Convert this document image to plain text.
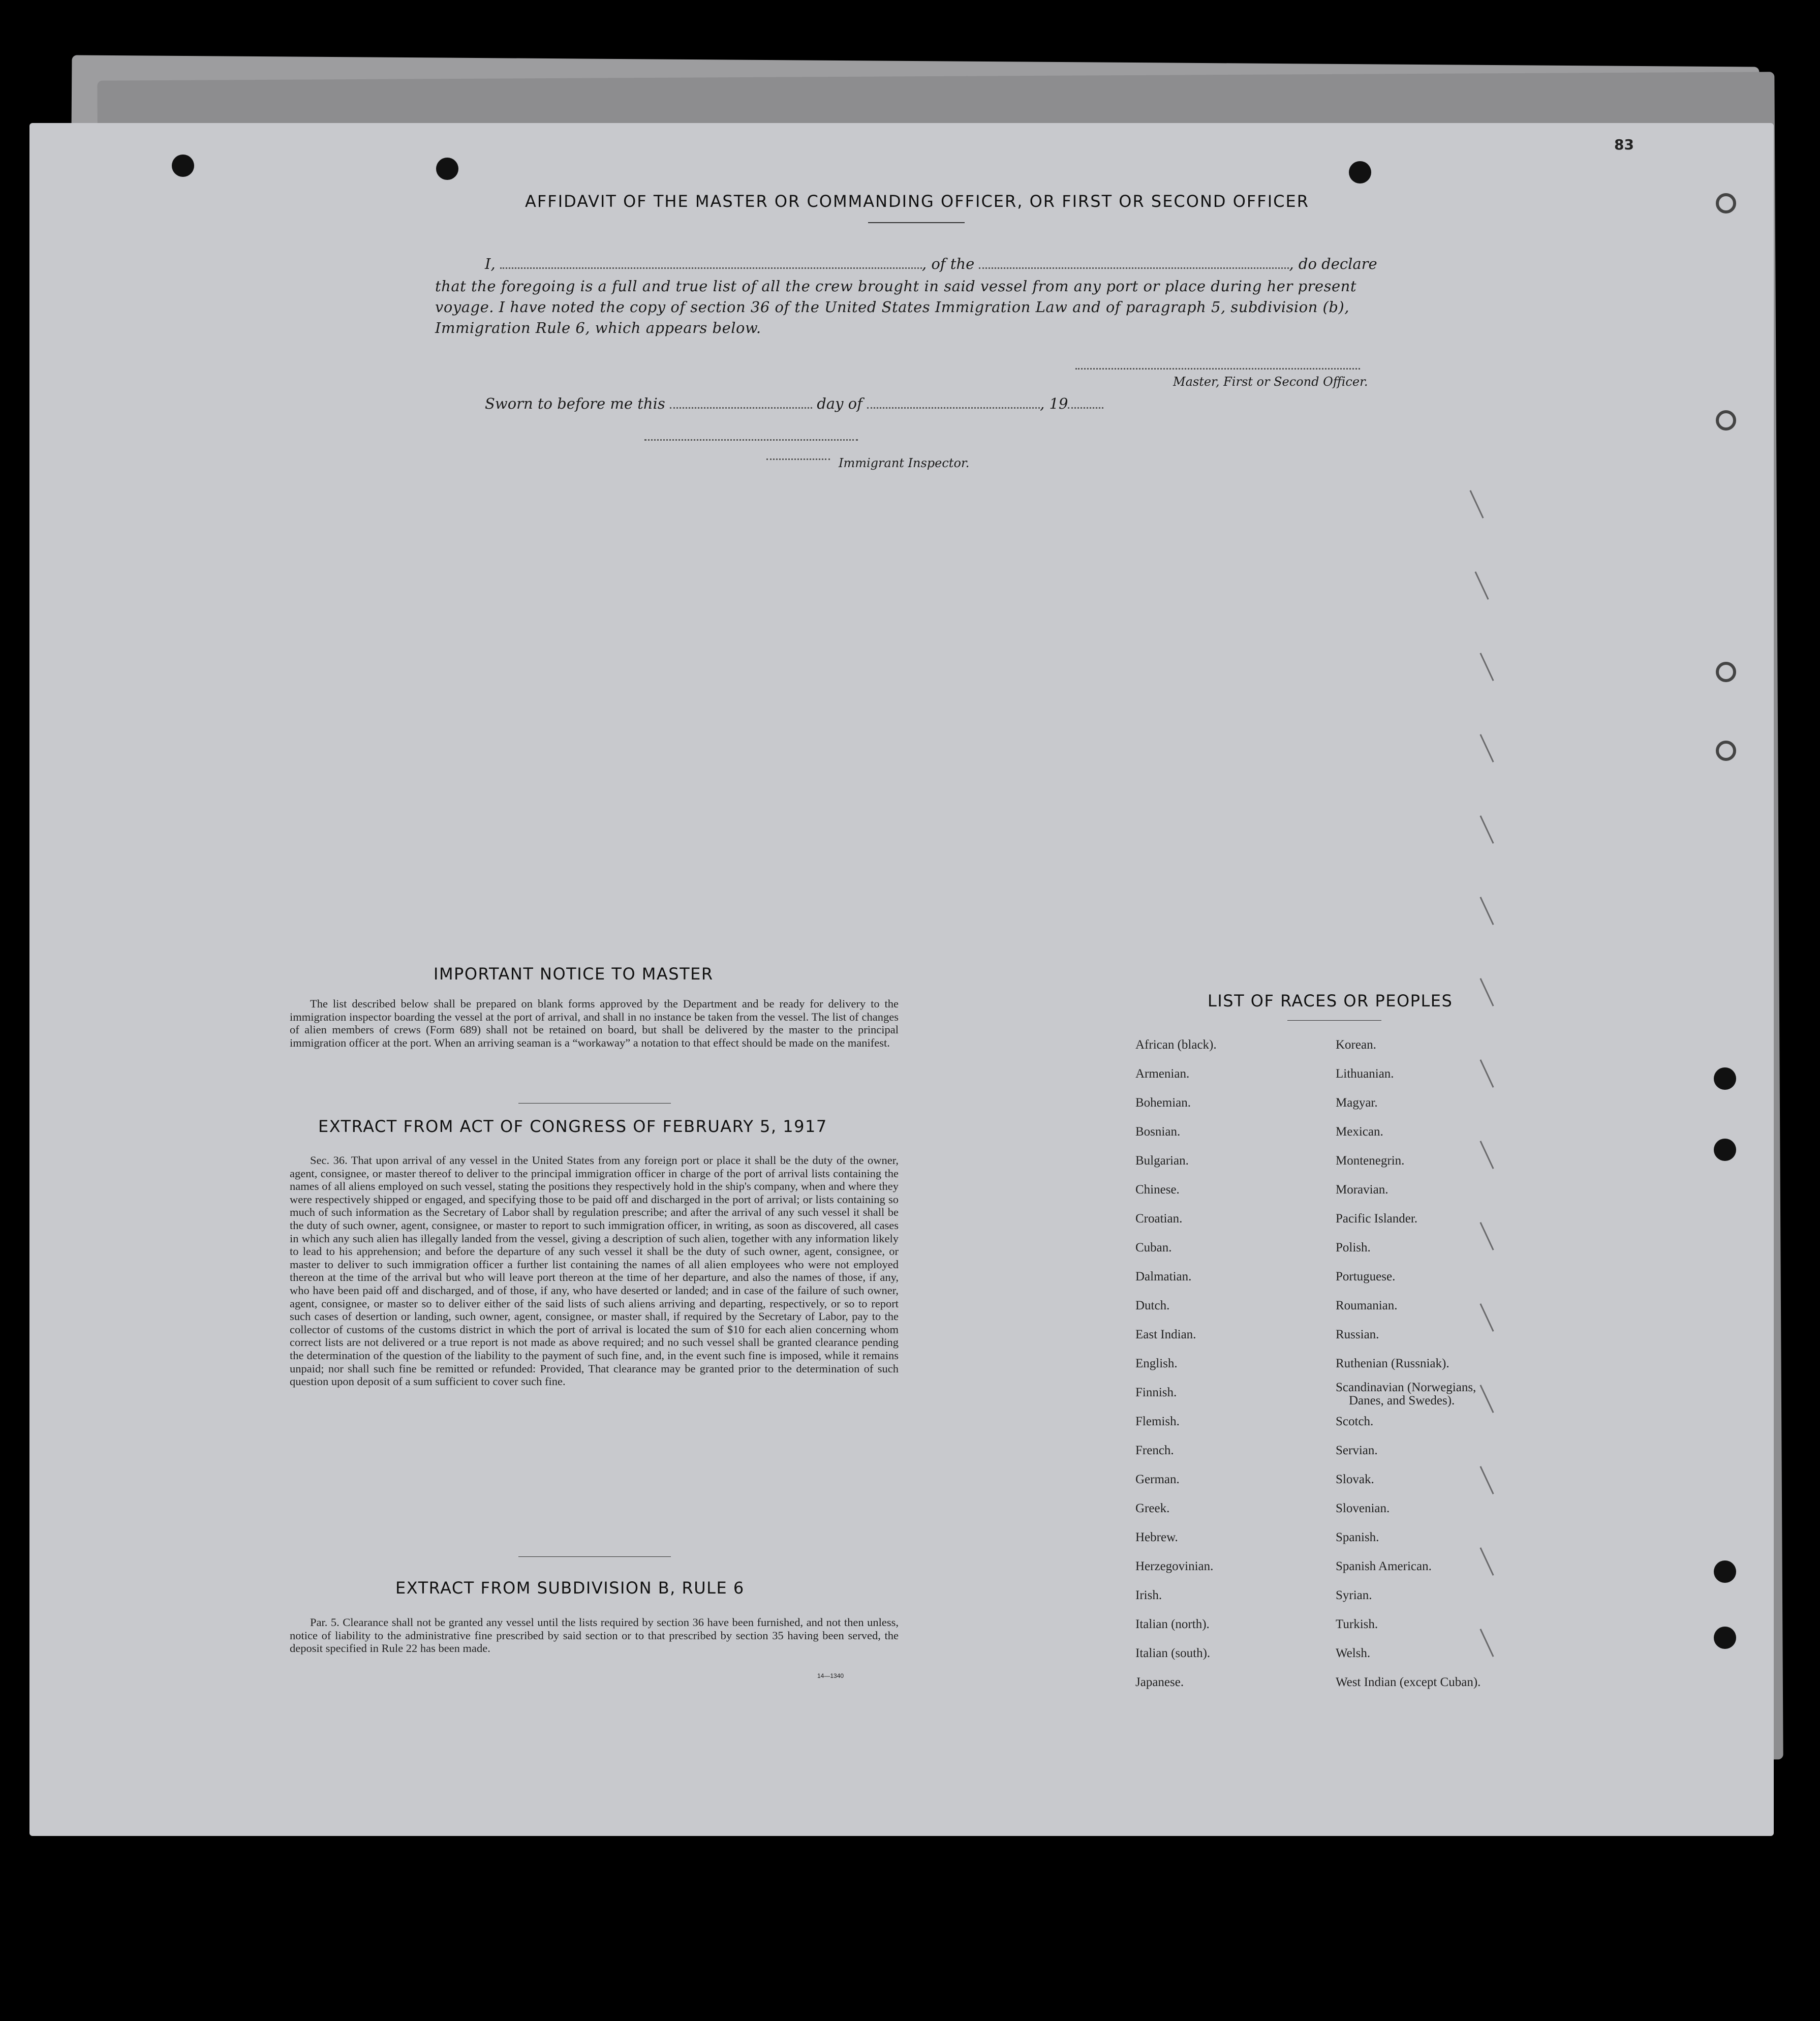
83
AFFIDAVIT OF THE MASTER OR COMMANDING OFFICER, OR FIRST OR SECOND OFFICER
I,	, of the	, do declare
that the foregoing is a full and true list of all the crew brought in said vessel from any port or place during her present
voyage. I have noted the copy of section 36 of the United States Immigration Law and of paragraph 5, subdivision (b),
Immigration Rule 6, which appears below.
Master, First or Second Officer.
Sworn to before me this	day of	, 19
Immigrant Inspector.
IMPORTANT NOTICE TO MASTER
The list described below shall be prepared on blank forms approved by the Department and be ready for delivery to the immigration inspector boarding the vessel at the port of arrival, and shall in no instance be taken from the vessel. The list of changes of alien members of crews (Form 689) shall not be retained on board, but shall be delivered by the master to the principal immigration officer at the port. When an arriving seaman is a “workaway” a notation to that effect should be made on the manifest.
EXTRACT FROM ACT OF CONGRESS OF FEBRUARY 5, 1917
Sec. 36. That upon arrival of any vessel in the United States from any foreign port or place it shall be the duty of the owner, agent, consignee, or master thereof to deliver to the principal immigration officer in charge of the port of arrival lists containing the names of all aliens employed on such vessel, stating the positions they respectively hold in the ship's company, when and where they were respectively shipped or engaged, and specifying those to be paid off and discharged in the port of arrival; or lists containing so much of such information as the Secretary of Labor shall by regulation prescribe; and after the arrival of any such vessel it shall be the duty of such owner, agent, consignee, or master to report to such immigration officer, in writing, as soon as discovered, all cases in which any such alien has illegally landed from the vessel, giving a description of such alien, together with any information likely to lead to his apprehension; and before the departure of any such vessel it shall be the duty of such owner, agent, consignee, or master to deliver to such immigration officer a further list containing the names of all alien employees who were not employed thereon at the time of the arrival but who will leave port thereon at the time of her departure, and also the names of those, if any, who have been paid off and discharged, and of those, if any, who have deserted or landed; and in case of the failure of such owner, agent, consignee, or master so to deliver either of the said lists of such aliens arriving and departing, respectively, or so to report such cases of desertion or landing, such owner, agent, consignee, or master shall, if required by the Secretary of Labor, pay to the collector of customs of the customs district in which the port of arrival is located the sum of $10 for each alien concerning whom correct lists are not delivered or a true report is not made as above required; and no such vessel shall be granted clearance pending the determination of the question of the liability to the payment of such fine, and, in the event such fine is imposed, while it remains unpaid; nor shall such fine be remitted or refunded: Provided, That clearance may be granted prior to the determination of such question upon deposit of a sum sufficient to cover such fine.
EXTRACT FROM SUBDIVISION B, RULE 6
Par. 5. Clearance shall not be granted any vessel until the lists required by section 36 have been furnished, and not then unless, notice of liability to the administrative fine prescribed by said section or to that prescribed by section 35 having been served, the deposit specified in Rule 22 has been made.
14—1340
LIST OF RACES OR PEOPLES
African (black).
Armenian.
Bohemian.
Bosnian.
Bulgarian.
Chinese.
Croatian.
Cuban.
Dalmatian.
Dutch.
East Indian.
English.
Finnish.
Flemish.
French.
German.
Greek.
Hebrew.
Herzegovinian.
Irish.
Italian (north).
Italian (south).
Japanese.
Korean.
Lithuanian.
Magyar.
Mexican.
Montenegrin.
Moravian.
Pacific Islander.
Polish.
Portuguese.
Roumanian.
Russian.
Ruthenian (Russniak).
Scandinavian (Norwegians,
Danes, and Swedes).
Scotch.
Servian.
Slovak.
Slovenian.
Spanish.
Spanish American.
Syrian.
Turkish.
Welsh.
West Indian (except Cuban).
